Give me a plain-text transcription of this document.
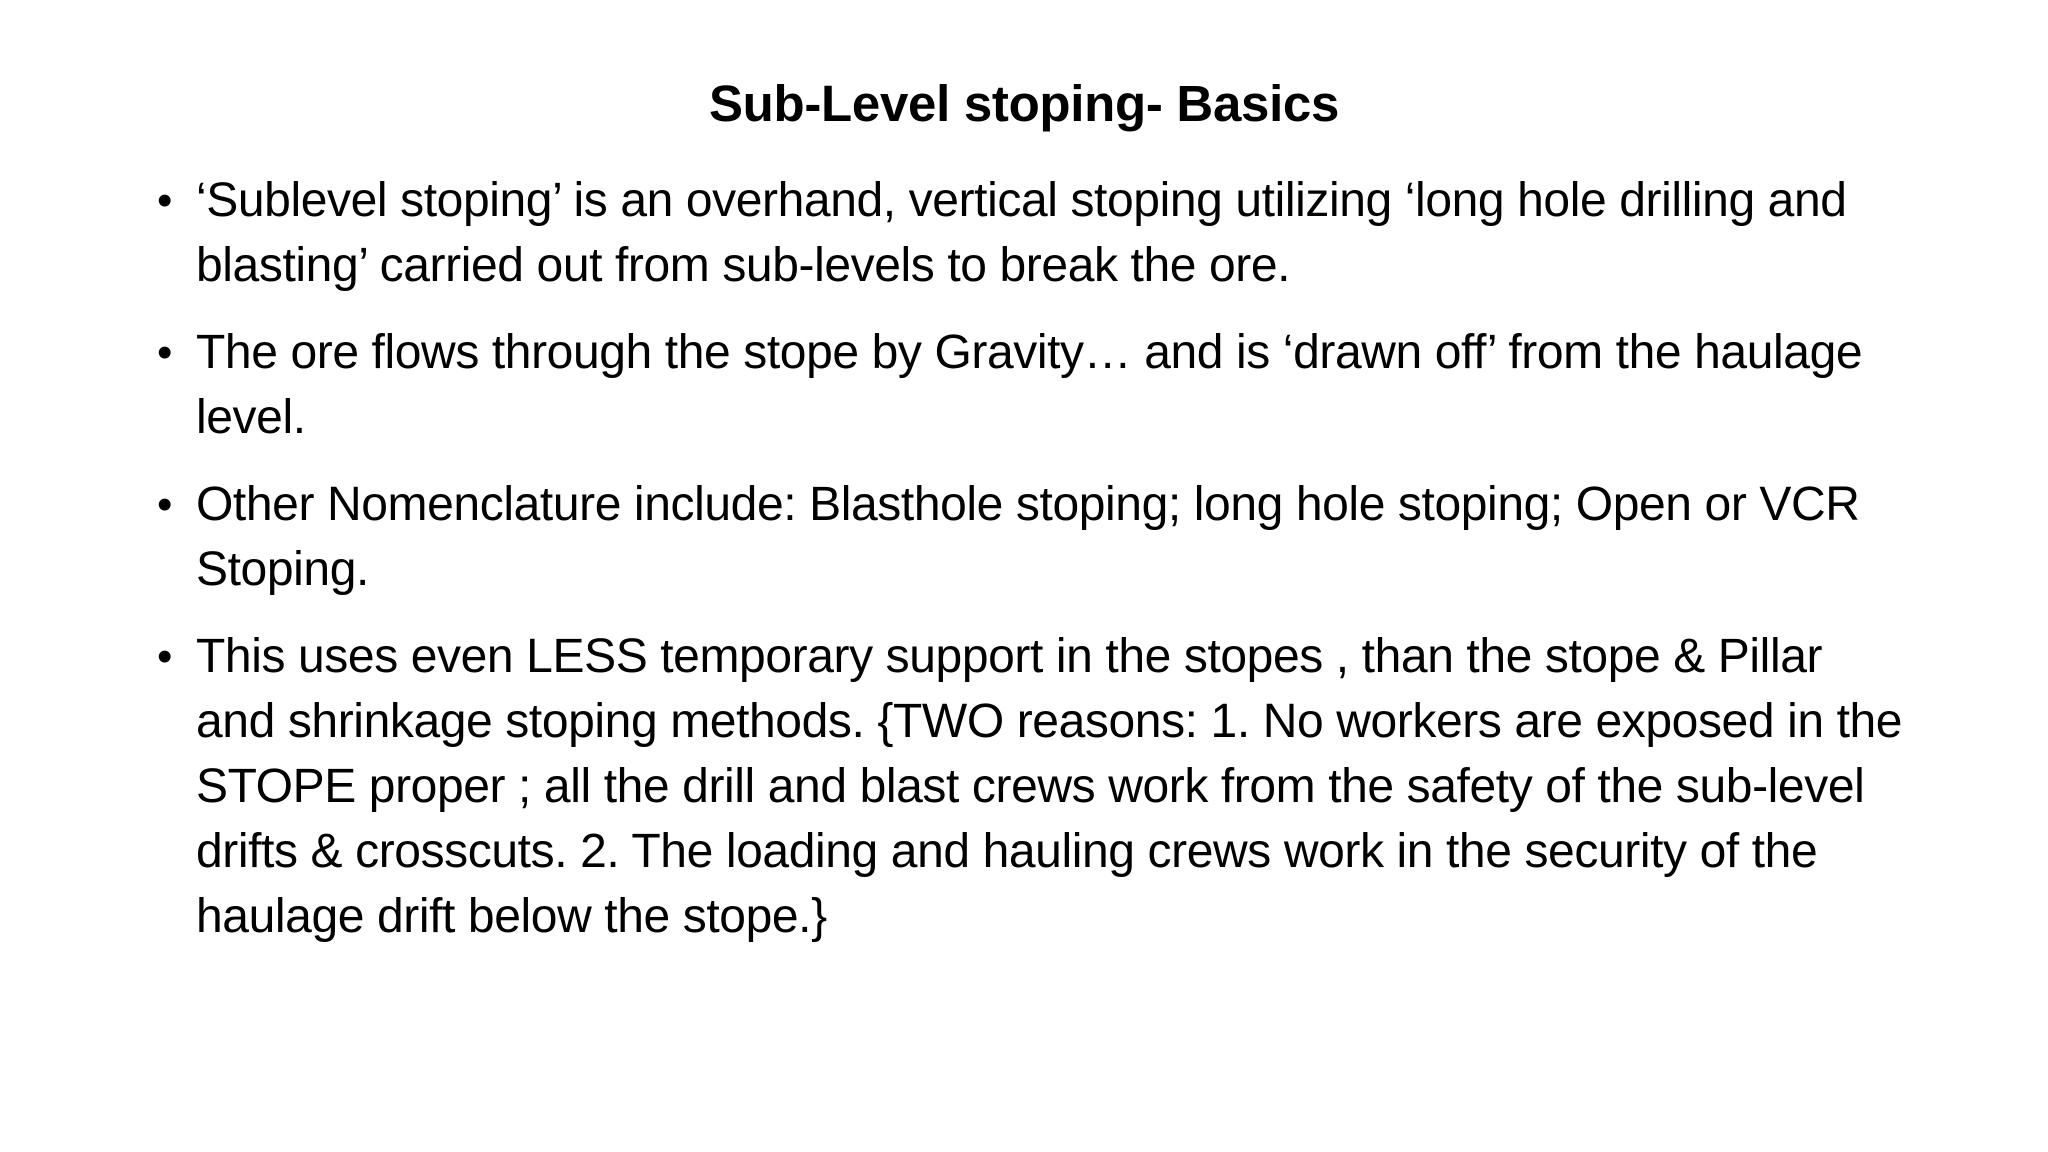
Sub-Level stoping- Basics
• ‘Sublevel stoping’ is an overhand, vertical stoping utilizing ‘long hole drilling and blasting’ carried out from sub-levels to break the ore.
• The ore flows through the stope by Gravity… and is ‘drawn off’ from the haulage level.
• Other Nomenclature include: Blasthole stoping; long hole stoping; Open or VCR Stoping.
• This uses even LESS temporary support in the stopes , than the stope & Pillar and shrinkage stoping methods. {TWO reasons: 1. No workers are exposed in the STOPE proper ; all the drill and blast crews work from the safety of the sub-level drifts & crosscuts. 2. The loading and hauling crews work in the security of the haulage drift below the stope.}
